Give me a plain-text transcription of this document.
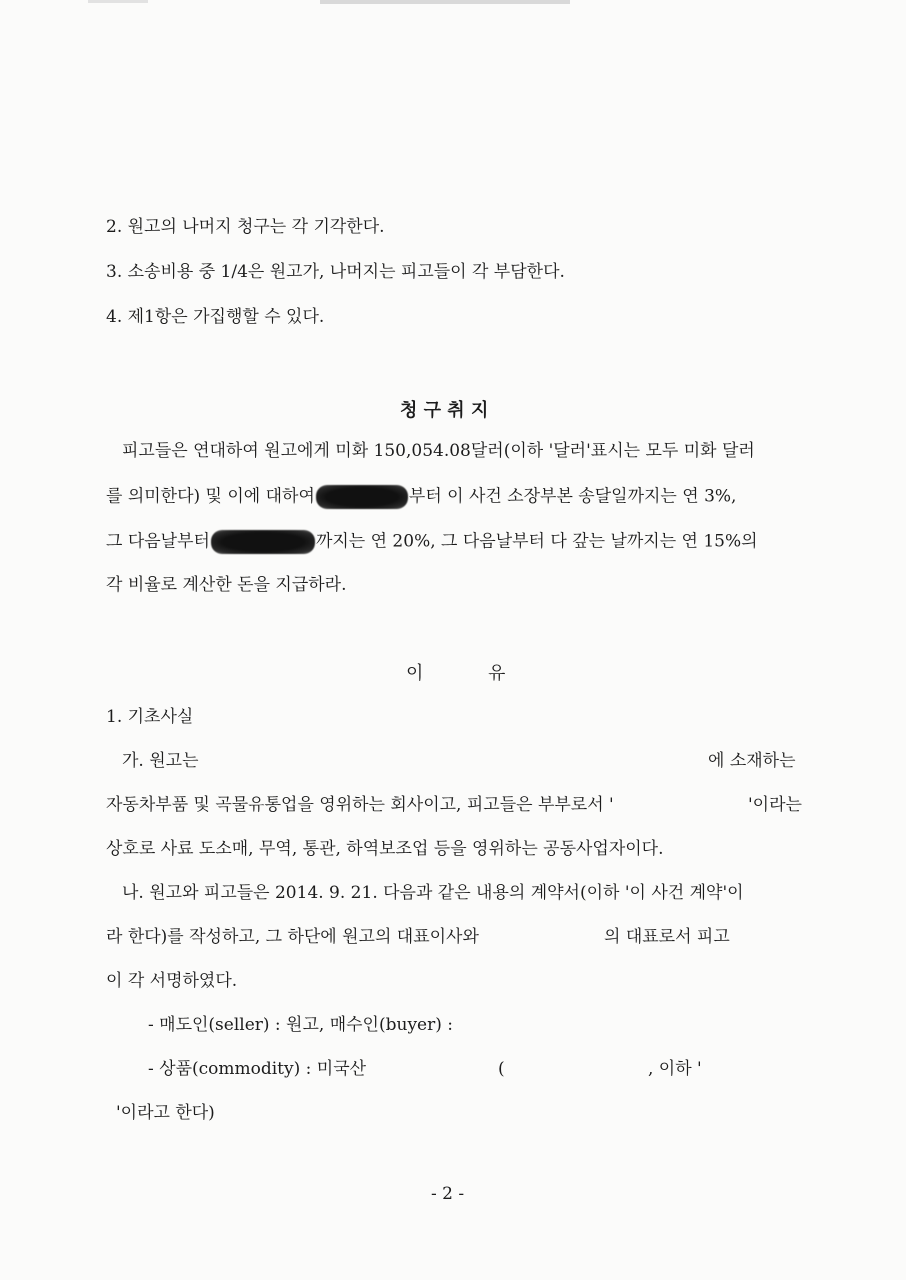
2. 원고의 나머지 청구는 각 기각한다.
3. 소송비용 중 1/4은 원고가, 나머지는 피고들이 각 부담한다.
4. 제1항은 가집행할 수 있다.
청 구 취 지
피고들은 연대하여 원고에게 미화 150,054.08달러(이하 '달러'표시는 모두 미화 달러
를 의미한다) 및 이에 대하여	부터 이 사건 소장부본 송달일까지는 연 3%,
그 다음날부터	까지는 연 20%, 그 다음날부터 다 갚는 날까지는 연 15%의
각 비율로 계산한 돈을 지급하라.
이	유
1. 기초사실
가. 원고는	에 소재하는
자동차부품 및 곡물유통업을 영위하는 회사이고, 피고들은 부부로서 '	'이라는
상호로 사료 도소매, 무역, 통관, 하역보조업 등을 영위하는 공동사업자이다.
나. 원고와 피고들은 2014. 9. 21. 다음과 같은 내용의 계약서(이하 '이 사건 계약'이
라 한다)를 작성하고, 그 하단에 원고의 대표이사와	의 대표로서 피고
이 각 서명하였다.
- 매도인(seller) : 원고, 매수인(buyer) :
- 상품(commodity) : 미국산	(	, 이하 '
'이라고 한다)
- 2 -
